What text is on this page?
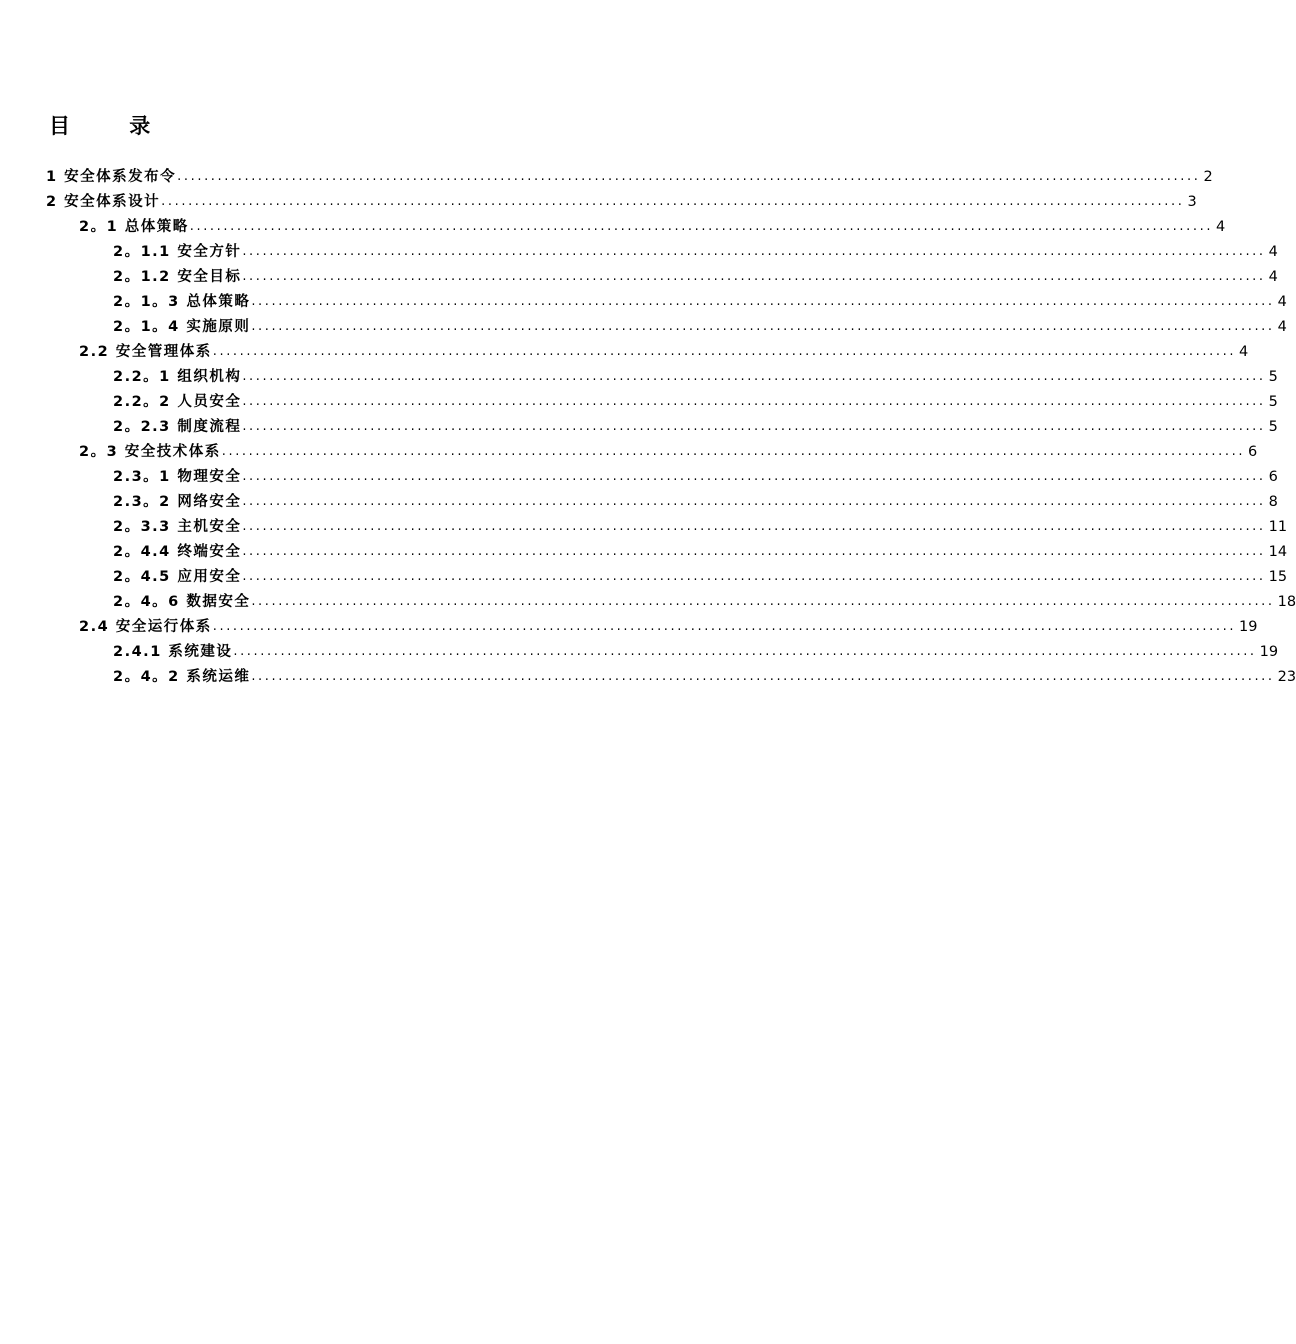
目 录
1 安全体系发布令 ........................................................................................................................................................ 2
2 安全体系设计 ........................................................................................................................................................ 3
2。1 总体策略 ........................................................................................................................................................ 4
2。1.1 安全方针 ........................................................................................................................................................ 4
2。1.2 安全目标 ........................................................................................................................................................ 4
2。1。3 总体策略 ........................................................................................................................................................ 4
2。1。4 实施原则 ........................................................................................................................................................ 4
2.2 安全管理体系 ........................................................................................................................................................ 4
2.2。1 组织机构 ........................................................................................................................................................ 5
2.2。2 人员安全 ........................................................................................................................................................ 5
2。2.3 制度流程 ........................................................................................................................................................ 5
2。3 安全技术体系 ........................................................................................................................................................ 6
2.3。1 物理安全 ........................................................................................................................................................ 6
2.3。2 网络安全 ........................................................................................................................................................ 8
2。3.3 主机安全 ........................................................................................................................................................ 11
2。4.4 终端安全 ........................................................................................................................................................ 14
2。4.5 应用安全 ........................................................................................................................................................ 15
2。4。6 数据安全 ........................................................................................................................................................ 18
2.4 安全运行体系 ........................................................................................................................................................ 19
2.4.1 系统建设 ........................................................................................................................................................ 19
2。4。2 系统运维 ........................................................................................................................................................ 23
